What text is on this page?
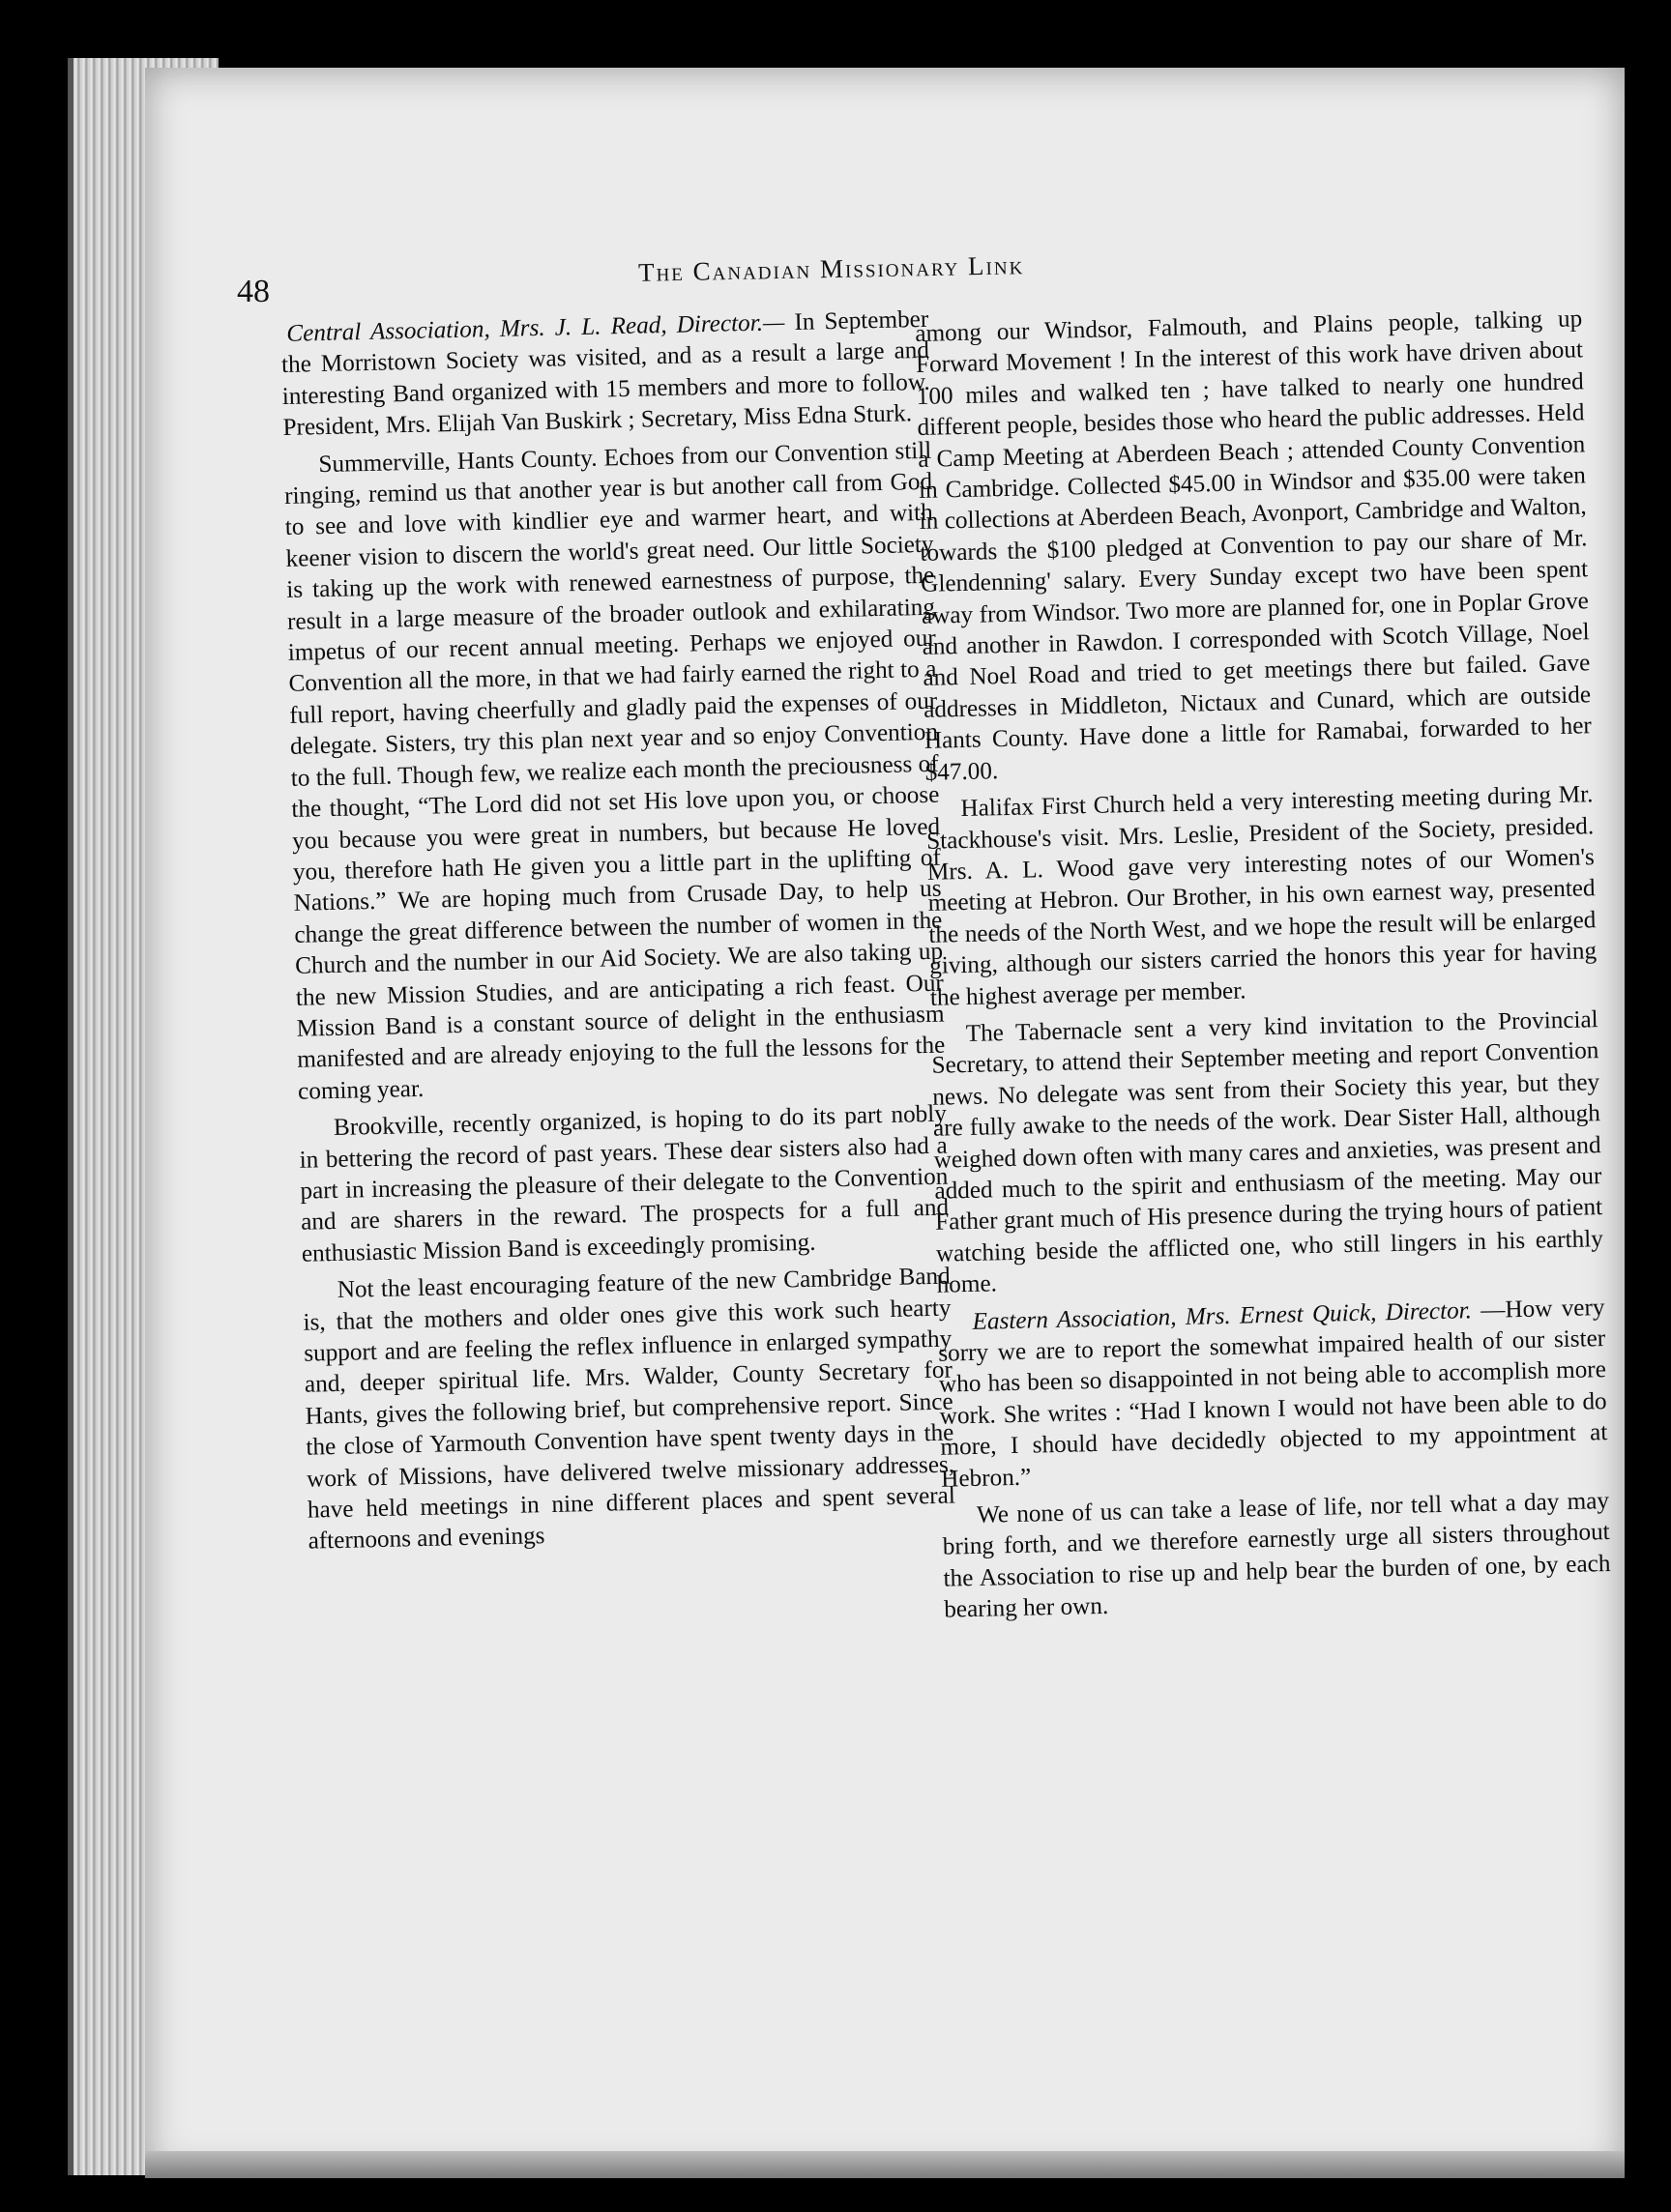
48
The Canadian Missionary Link

Central Association, Mrs. J. L. Read, Director.— In September the Morristown Society was visited, and as a result a large and interesting Band organized with 15 members and more to follow. President, Mrs. Elijah Van Buskirk ; Secretary, Miss Edna Sturk.

Summerville, Hants County. Echoes from our Convention still ringing, remind us that another year is but another call from God to see and love with kindlier eye and warmer heart, and with keener vision to discern the world's great need. Our little Society is taking up the work with renewed earnestness of purpose, the result in a large measure of the broader outlook and exhilarating impetus of our recent annual meeting. Perhaps we enjoyed our Convention all the more, in that we had fairly earned the right to a full report, having cheerfully and gladly paid the expenses of our delegate. Sisters, try this plan next year and so enjoy Convention to the full. Though few, we realize each month the preciousness of the thought, “The Lord did not set His love upon you, or choose you because you were great in numbers, but because He loved you, therefore hath He given you a little part in the uplifting of Nations.” We are hoping much from Crusade Day, to help us change the great difference between the number of women in the Church and the number in our Aid Society. We are also taking up the new Mission Studies, and are anticipating a rich feast. Our Mission Band is a constant source of delight in the enthusiasm manifested and are already enjoying to the full the lessons for the coming year.

Brookville, recently organized, is hoping to do its part nobly in bettering the record of past years. These dear sisters also had a part in increasing the pleasure of their delegate to the Convention and are sharers in the reward. The prospects for a full and enthusiastic Mission Band is exceedingly promising.

Not the least encouraging feature of the new Cambridge Band is, that the mothers and older ones give this work such hearty support and are feeling the reflex influence in enlarged sympathy and, deeper spiritual life. Mrs. Walder, County Secretary for Hants, gives the following brief, but comprehensive report. Since the close of Yarmouth Convention have spent twenty days in the work of Missions, have delivered twelve missionary addresses, have held meetings in nine different places and spent several afternoons and evenings

among our Windsor, Falmouth, and Plains people, talking up Forward Movement ! In the interest of this work have driven about 100 miles and walked ten ; have talked to nearly one hundred different people, besides those who heard the public addresses. Held a Camp Meeting at Aberdeen Beach ; attended County Convention in Cambridge. Collected $45.00 in Windsor and $35.00 were taken in collections at Aberdeen Beach, Avonport, Cambridge and Walton, towards the $100 pledged at Convention to pay our share of Mr. Glendenning' salary. Every Sunday except two have been spent away from Windsor. Two more are planned for, one in Poplar Grove and another in Rawdon. I corresponded with Scotch Village, Noel and Noel Road and tried to get meetings there but failed. Gave addresses in Middleton, Nictaux and Cunard, which are outside Hants County. Have done a little for Ramabai, forwarded to her $47.00.

Halifax First Church held a very interesting meeting during Mr. Stackhouse's visit. Mrs. Leslie, President of the Society, presided. Mrs. A. L. Wood gave very interesting notes of our Women's meeting at Hebron. Our Brother, in his own earnest way, presented the needs of the North West, and we hope the result will be enlarged giving, although our sisters carried the honors this year for having the highest average per member.

The Tabernacle sent a very kind invitation to the Provincial Secretary, to attend their September meeting and report Convention news. No delegate was sent from their Society this year, but they are fully awake to the needs of the work. Dear Sister Hall, although weighed down often with many cares and anxieties, was present and added much to the spirit and enthusiasm of the meeting. May our Father grant much of His presence during the trying hours of patient watching beside the afflicted one, who still lingers in his earthly home.

Eastern Association, Mrs. Ernest Quick, Director. —How very sorry we are to report the somewhat impaired health of our sister who has been so disappointed in not being able to accomplish more work. She writes : “Had I known I would not have been able to do more, I should have decidedly objected to my appointment at Hebron.”

We none of us can take a lease of life, nor tell what a day may bring forth, and we therefore earnestly urge all sisters throughout the Association to rise up and help bear the burden of one, by each bearing her own.
